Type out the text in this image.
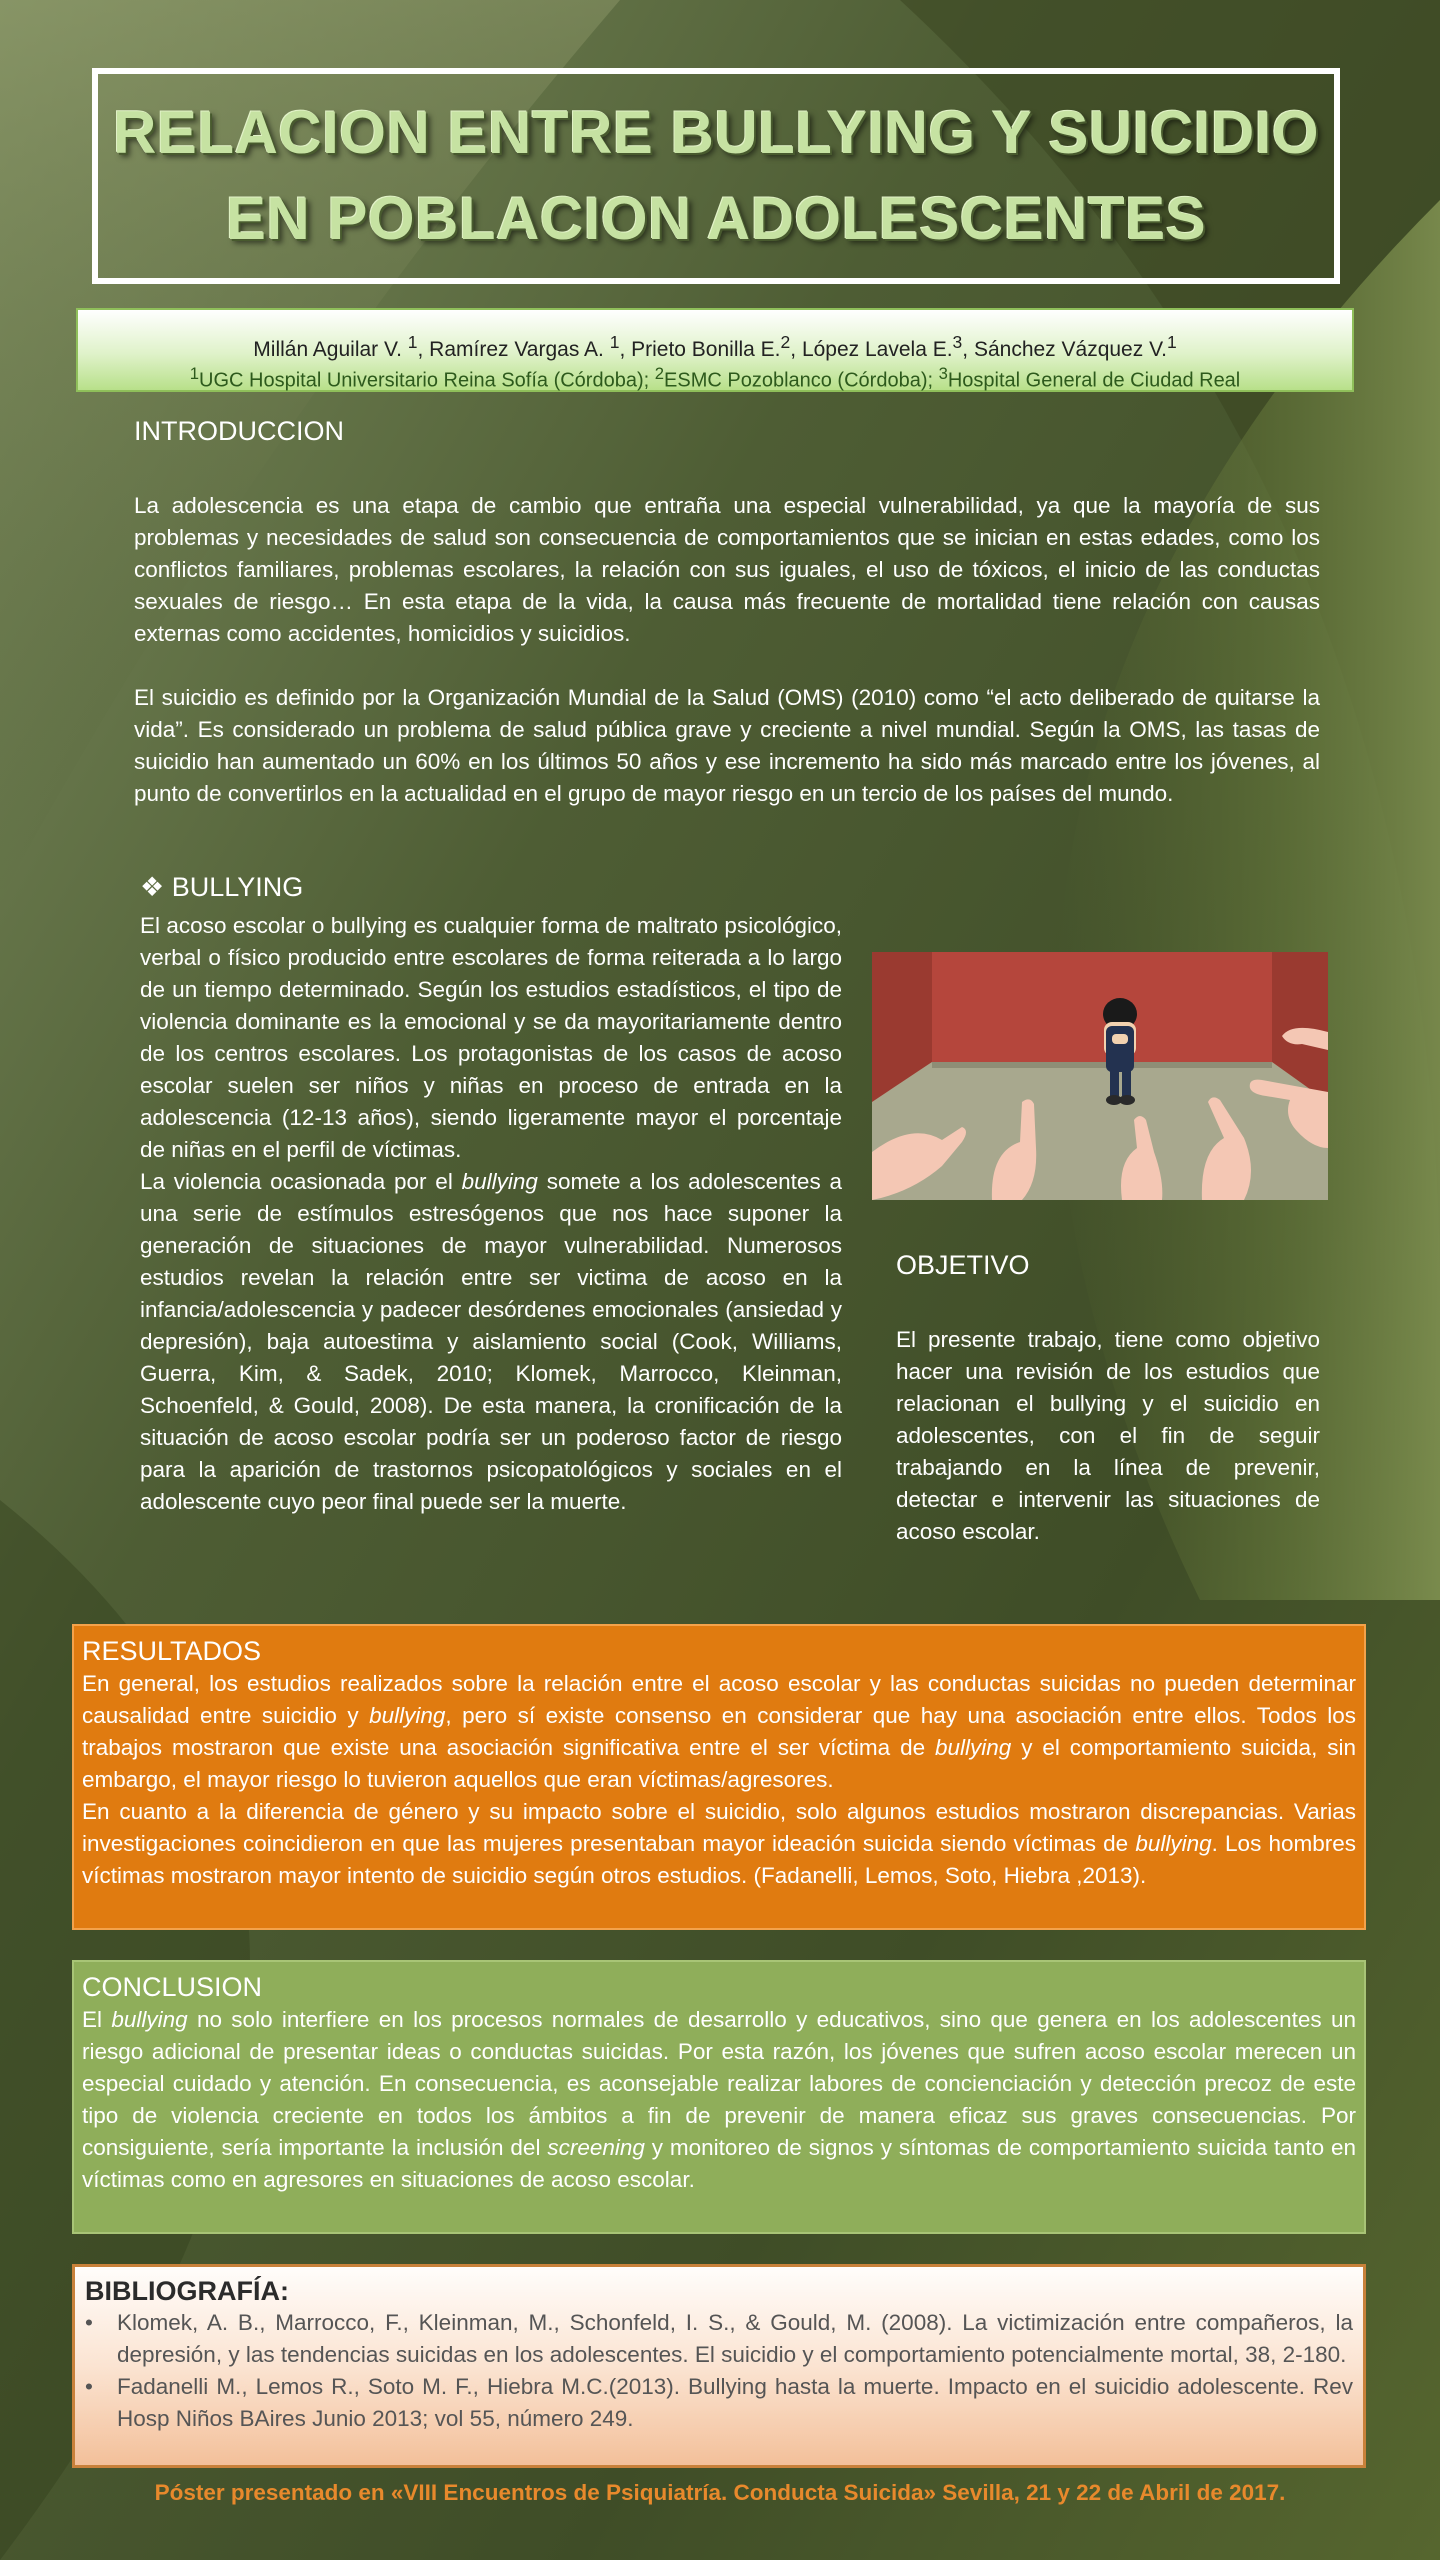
RELACION ENTRE BULLYING Y SUICIDIO
EN POBLACION ADOLESCENTES
Millán Aguilar V. $^1$, Ramírez Vargas A. $^1$, Prieto Bonilla E.$^2$, López Lavela E.$^3$, Sánchez Vázquez V.$^1$
$^1$UGC Hospital Universitario Reina Sofía (Córdoba); $^2$ESMC Pozoblanco (Córdoba); $^3$Hospital General de Ciudad Real
INTRODUCCION
La adolescencia es una etapa de cambio que entraña una especial vulnerabilidad, ya que la mayoría de sus problemas y necesidades de salud son consecuencia de comportamientos que se inician en estas edades, como los conflictos familiares, problemas escolares, la relación con sus iguales, el uso de tóxicos, el inicio de las conductas sexuales de riesgo… En esta etapa de la vida, la causa más frecuente de mortalidad tiene relación con causas externas como accidentes, homicidios y suicidios.
El suicidio es definido por la Organización Mundial de la Salud (OMS) (2010) como “el acto deliberado de quitarse la vida”. Es considerado un problema de salud pública grave y creciente a nivel mundial. Según la OMS, las tasas de suicidio han aumentado un 60% en los últimos 50 años y ese incremento ha sido más marcado entre los jóvenes, al punto de convertirlos en la actualidad en el grupo de mayor riesgo en un tercio de los países del mundo.
❖ BULLYING

El acoso escolar o bullying es cualquier forma de maltrato psicológico, verbal o físico producido entre escolares de forma reiterada a lo largo de un tiempo determinado. Según los estudios estadísticos, el tipo de violencia dominante es la emocional y se da mayoritariamente dentro de los centros escolares. Los protagonistas de los casos de acoso escolar suelen ser niños y niñas en proceso de entrada en la adolescencia (12-13 años), siendo ligeramente mayor el porcentaje de niñas en el perfil de víctimas.

La violencia ocasionada por el bullying somete a los adolescentes a una serie de estímulos estresógenos que nos hace suponer la generación de situaciones de mayor vulnerabilidad. Numerosos estudios revelan la relación entre ser victima de acoso en la infancia/adolescencia y padecer desórdenes emocionales (ansiedad y depresión), baja autoestima y aislamiento social (Cook, Williams, Guerra, Kim, & Sadek, 2010; Klomek, Marrocco, Kleinman, Schoenfeld, & Gould, 2008). De esta manera, la cronificación de la situación de acoso escolar podría ser un poderoso factor de riesgo para la aparición de trastornos psicopatológicos y sociales en el adolescente cuyo peor final puede ser la muerte.

OBJETIVO
El presente trabajo, tiene como objetivo hacer una revisión de los estudios que relacionan el bullying y el suicidio en adolescentes, con el fin de seguir trabajando en la línea de prevenir, detectar e intervenir las situaciones de acoso escolar.
RESULTADOS
En general, los estudios realizados sobre la relación entre el acoso escolar y las conductas suicidas no pueden determinar causalidad entre suicidio y bullying, pero sí existe consenso en considerar que hay una asociación entre ellos. Todos los trabajos mostraron que existe una asociación significativa entre el ser víctima de bullying y el comportamiento suicida, sin embargo, el mayor riesgo lo tuvieron aquellos que eran víctimas/agresores.
En cuanto a la diferencia de género y su impacto sobre el suicidio, solo algunos estudios mostraron discrepancias. Varias investigaciones coincidieron en que las mujeres presentaban mayor ideación suicida siendo víctimas de bullying. Los hombres víctimas mostraron mayor intento de suicidio según otros estudios. (Fadanelli, Lemos, Soto, Hiebra ,2013).
CONCLUSION
El bullying no solo interfiere en los procesos normales de desarrollo y educativos, sino que genera en los adolescentes un riesgo adicional de presentar ideas o conductas suicidas. Por esta razón, los jóvenes que sufren acoso escolar merecen un especial cuidado y atención. En consecuencia, es aconsejable realizar labores de concienciación y detección precoz de este tipo de violencia creciente en todos los ámbitos a fin de prevenir de manera eficaz sus graves consecuencias. Por consiguiente, sería importante la inclusión del screening y monitoreo de signos y síntomas de comportamiento suicida tanto en víctimas como en agresores en situaciones de acoso escolar.
BIBLIOGRAFÍA:
• Klomek, A. B., Marrocco, F., Kleinman, M., Schonfeld, I. S., & Gould, M. (2008). La victimización entre compañeros, la depresión, y las tendencias suicidas en los adolescentes. El suicidio y el comportamiento potencialmente mortal, 38, 2-180.
• Fadanelli M., Lemos R., Soto M. F., Hiebra M.C.(2013). Bullying hasta la muerte. Impacto en el suicidio adolescente. Rev Hosp Niños BAires Junio 2013; vol 55, número 249.
Póster presentado en «VIII Encuentros de Psiquiatría. Conducta Suicida» Sevilla, 21 y 22 de Abril de 2017.
